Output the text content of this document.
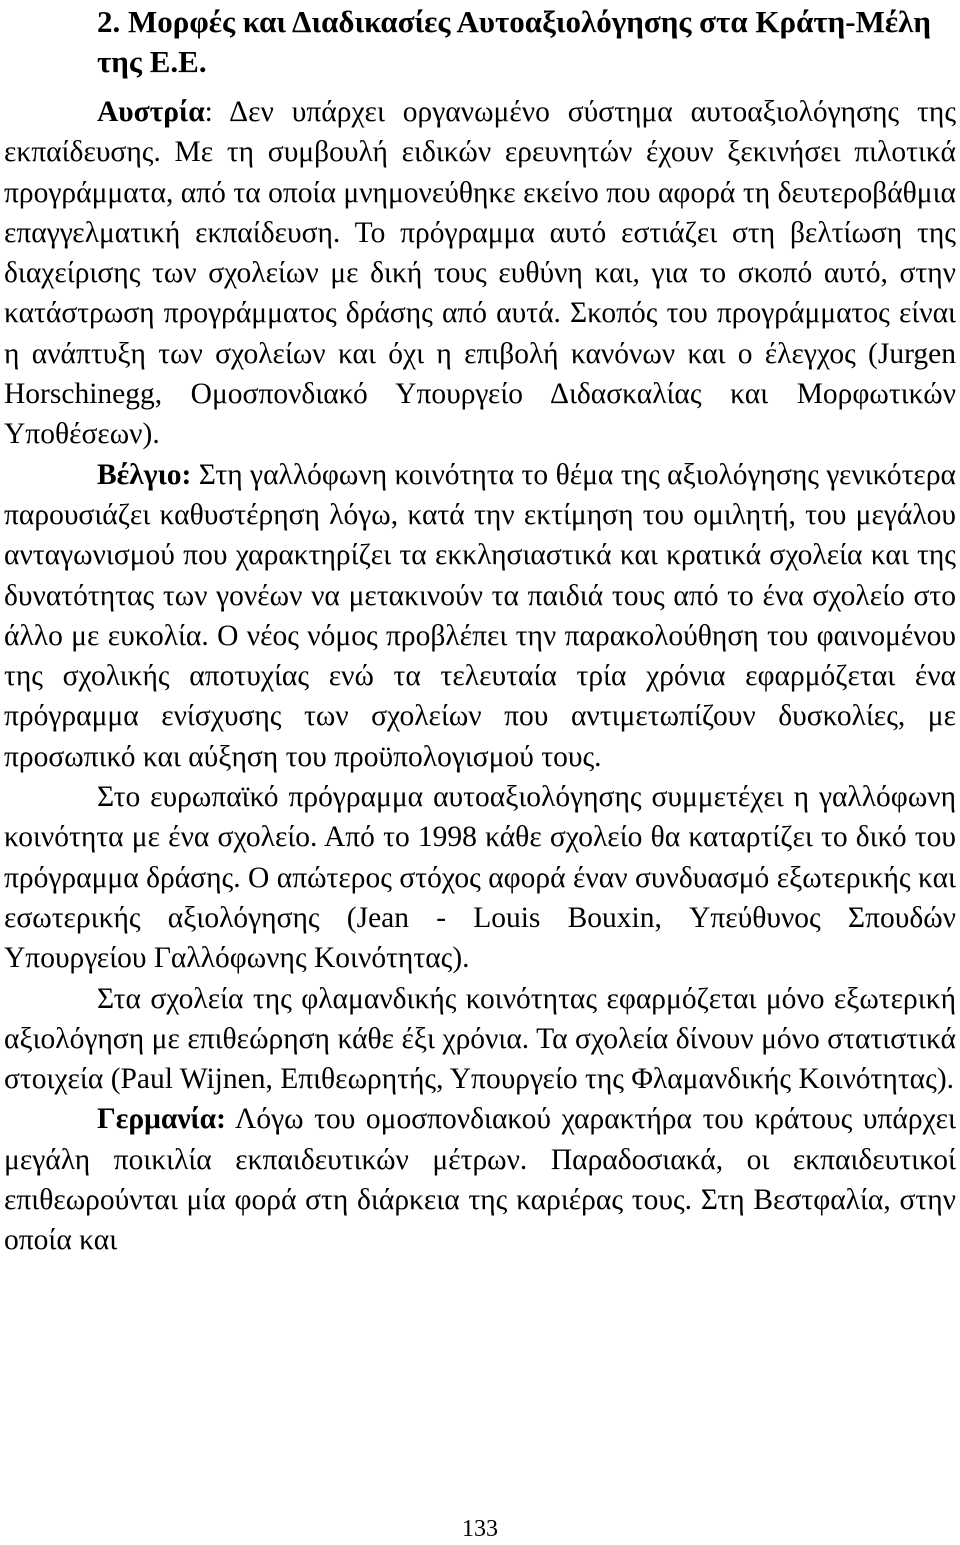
2. Μορφές και Διαδικασίες Αυτοαξιολόγησης στα Κράτη-Μέλη της Ε.Ε.

Αυστρία: Δεν υπάρχει οργανωμένο σύστημα αυτοαξιολόγησης της εκπαίδευσης. Με τη συμβουλή ειδικών ερευνητών έχουν ξεκινήσει πιλοτικά προγράμματα, από τα οποία μνημονεύθηκε εκείνο που αφορά τη δευτεροβάθμια επαγγελματική εκπαίδευση. Το πρόγραμμα αυτό εστιάζει στη βελτίωση της διαχείρισης των σχολείων με δική τους ευθύνη και, για το σκοπό αυτό, στην κατάστρωση προγράμματος δράσης από αυτά. Σκοπός του προγράμματος είναι η ανάπτυξη των σχολείων και όχι η επιβολή κανόνων και ο έλεγχος (Jurgen Horschinegg, Ομοσπονδιακό Υπουργείο Διδασκαλίας και Μορφωτικών Υποθέσεων).

Βέλγιο: Στη γαλλόφωνη κοινότητα το θέμα της αξιολόγησης γενικότερα παρουσιάζει καθυστέρηση λόγω, κατά την εκτίμηση του ομιλητή, του μεγάλου ανταγωνισμού που χαρακτηρίζει τα εκκλησιαστικά και κρατικά σχολεία και της δυνατότητας των γονέων να μετακινούν τα παιδιά τους από το ένα σχολείο στο άλλο με ευκολία. Ο νέος νόμος προβλέπει την παρακολούθηση του φαινομένου της σχολικής αποτυχίας ενώ τα τελευταία τρία χρόνια εφαρμόζεται ένα πρόγραμμα ενίσχυσης των σχολείων που αντιμετωπίζουν δυσκολίες, με προσωπικό και αύξηση του προϋπολογισμού τους.

Στο ευρωπαϊκό πρόγραμμα αυτοαξιολόγησης συμμετέχει η γαλλόφωνη κοινότητα με ένα σχολείο. Από το 1998 κάθε σχολείο θα καταρτίζει το δικό του πρόγραμμα δράσης. Ο απώτερος στόχος αφορά έναν συνδυασμό εξωτερικής και εσωτερικής αξιολόγησης (Jean - Louis Bouxin, Υπεύθυνος Σπουδών Υπουργείου Γαλλόφωνης Κοινότητας).

Στα σχολεία της φλαμανδικής κοινότητας εφαρμόζεται μόνο εξωτερική αξιολόγηση με επιθεώρηση κάθε έξι χρόνια. Τα σχολεία δίνουν μόνο στατιστικά στοιχεία (Paul Wijnen, Επιθεωρητής, Υπουργείο της Φλαμανδικής Κοινότητας).

Γερμανία: Λόγω του ομοσπονδιακού χαρακτήρα του κράτους υπάρχει μεγάλη ποικιλία εκπαιδευτικών μέτρων. Παραδοσιακά, οι εκπαιδευτικοί επιθεωρούνται μία φορά στη διάρκεια της καριέρας τους. Στη Βεστφαλία, στην οποία και

133
